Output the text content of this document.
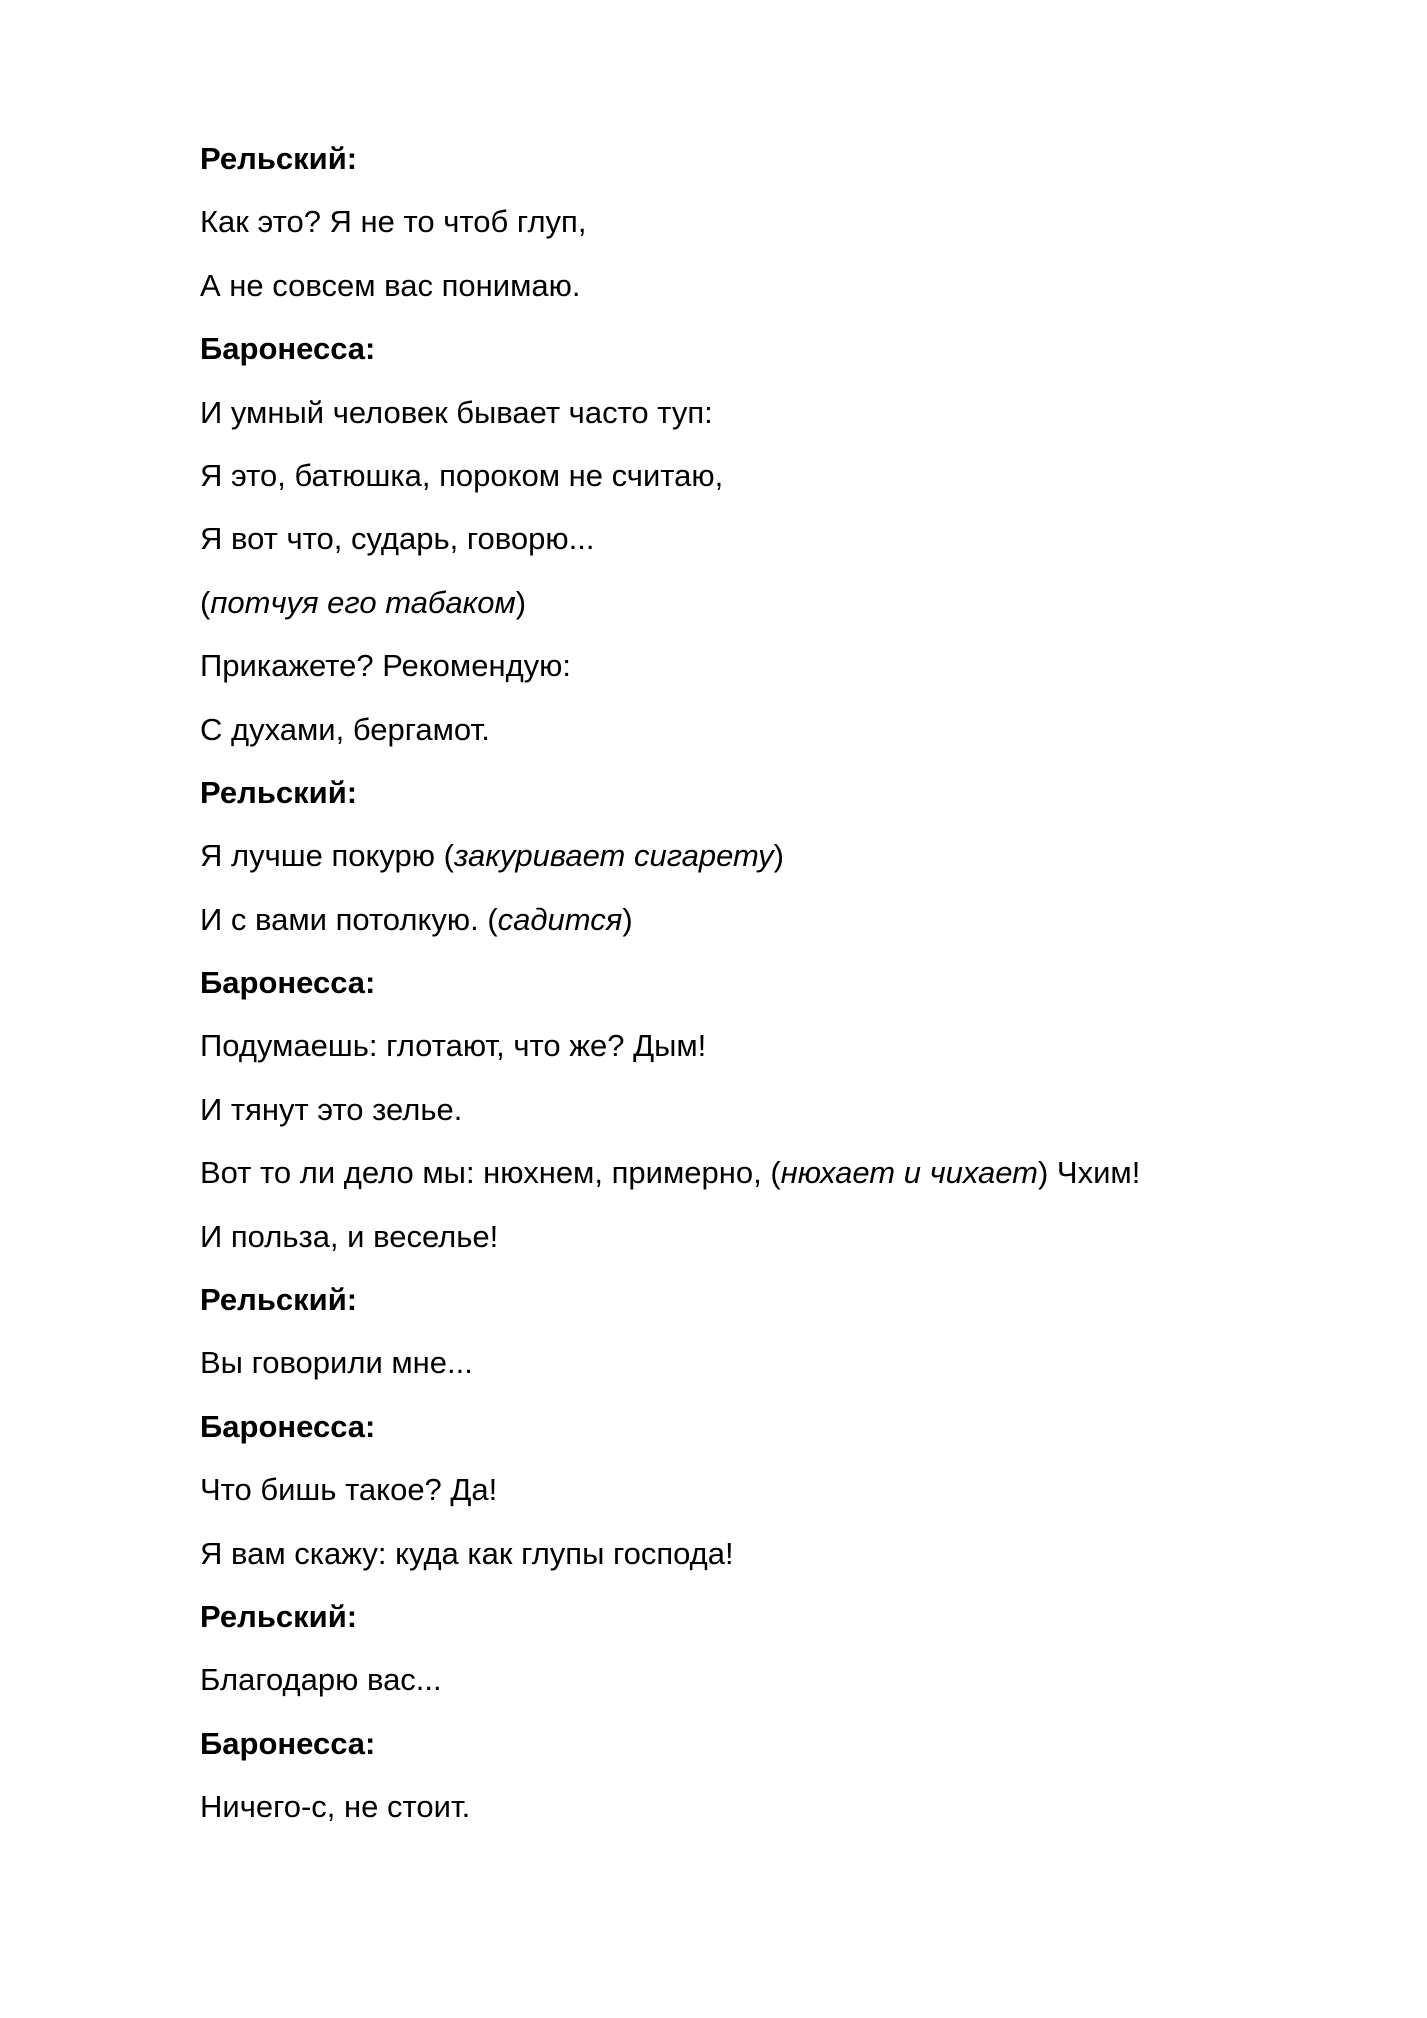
Рельский:

Как это? Я не то чтоб глуп,

А не совсем вас понимаю.

Баронесса:

И умный человек бывает часто туп:

Я это, батюшка, пороком не считаю,

Я вот что, сударь, говорю...

(потчуя его табаком)

Прикажете? Рекомендую:

С духами, бергамот.

Рельский:

Я лучше покурю (закуривает сигарету)

И с вами потолкую. (садится)

Баронесса:

Подумаешь: глотают, что же? Дым!

И тянут это зелье.

Вот то ли дело мы: нюхнем, примерно, (нюхает и чихает) Чхим!

И польза, и веселье!

Рельский:

Вы говорили мне...

Баронесса:

Что бишь такое? Да!

Я вам скажу: куда как глупы господа!

Рельский:

Благодарю вас...

Баронесса:

Ничего-с, не стоит.
